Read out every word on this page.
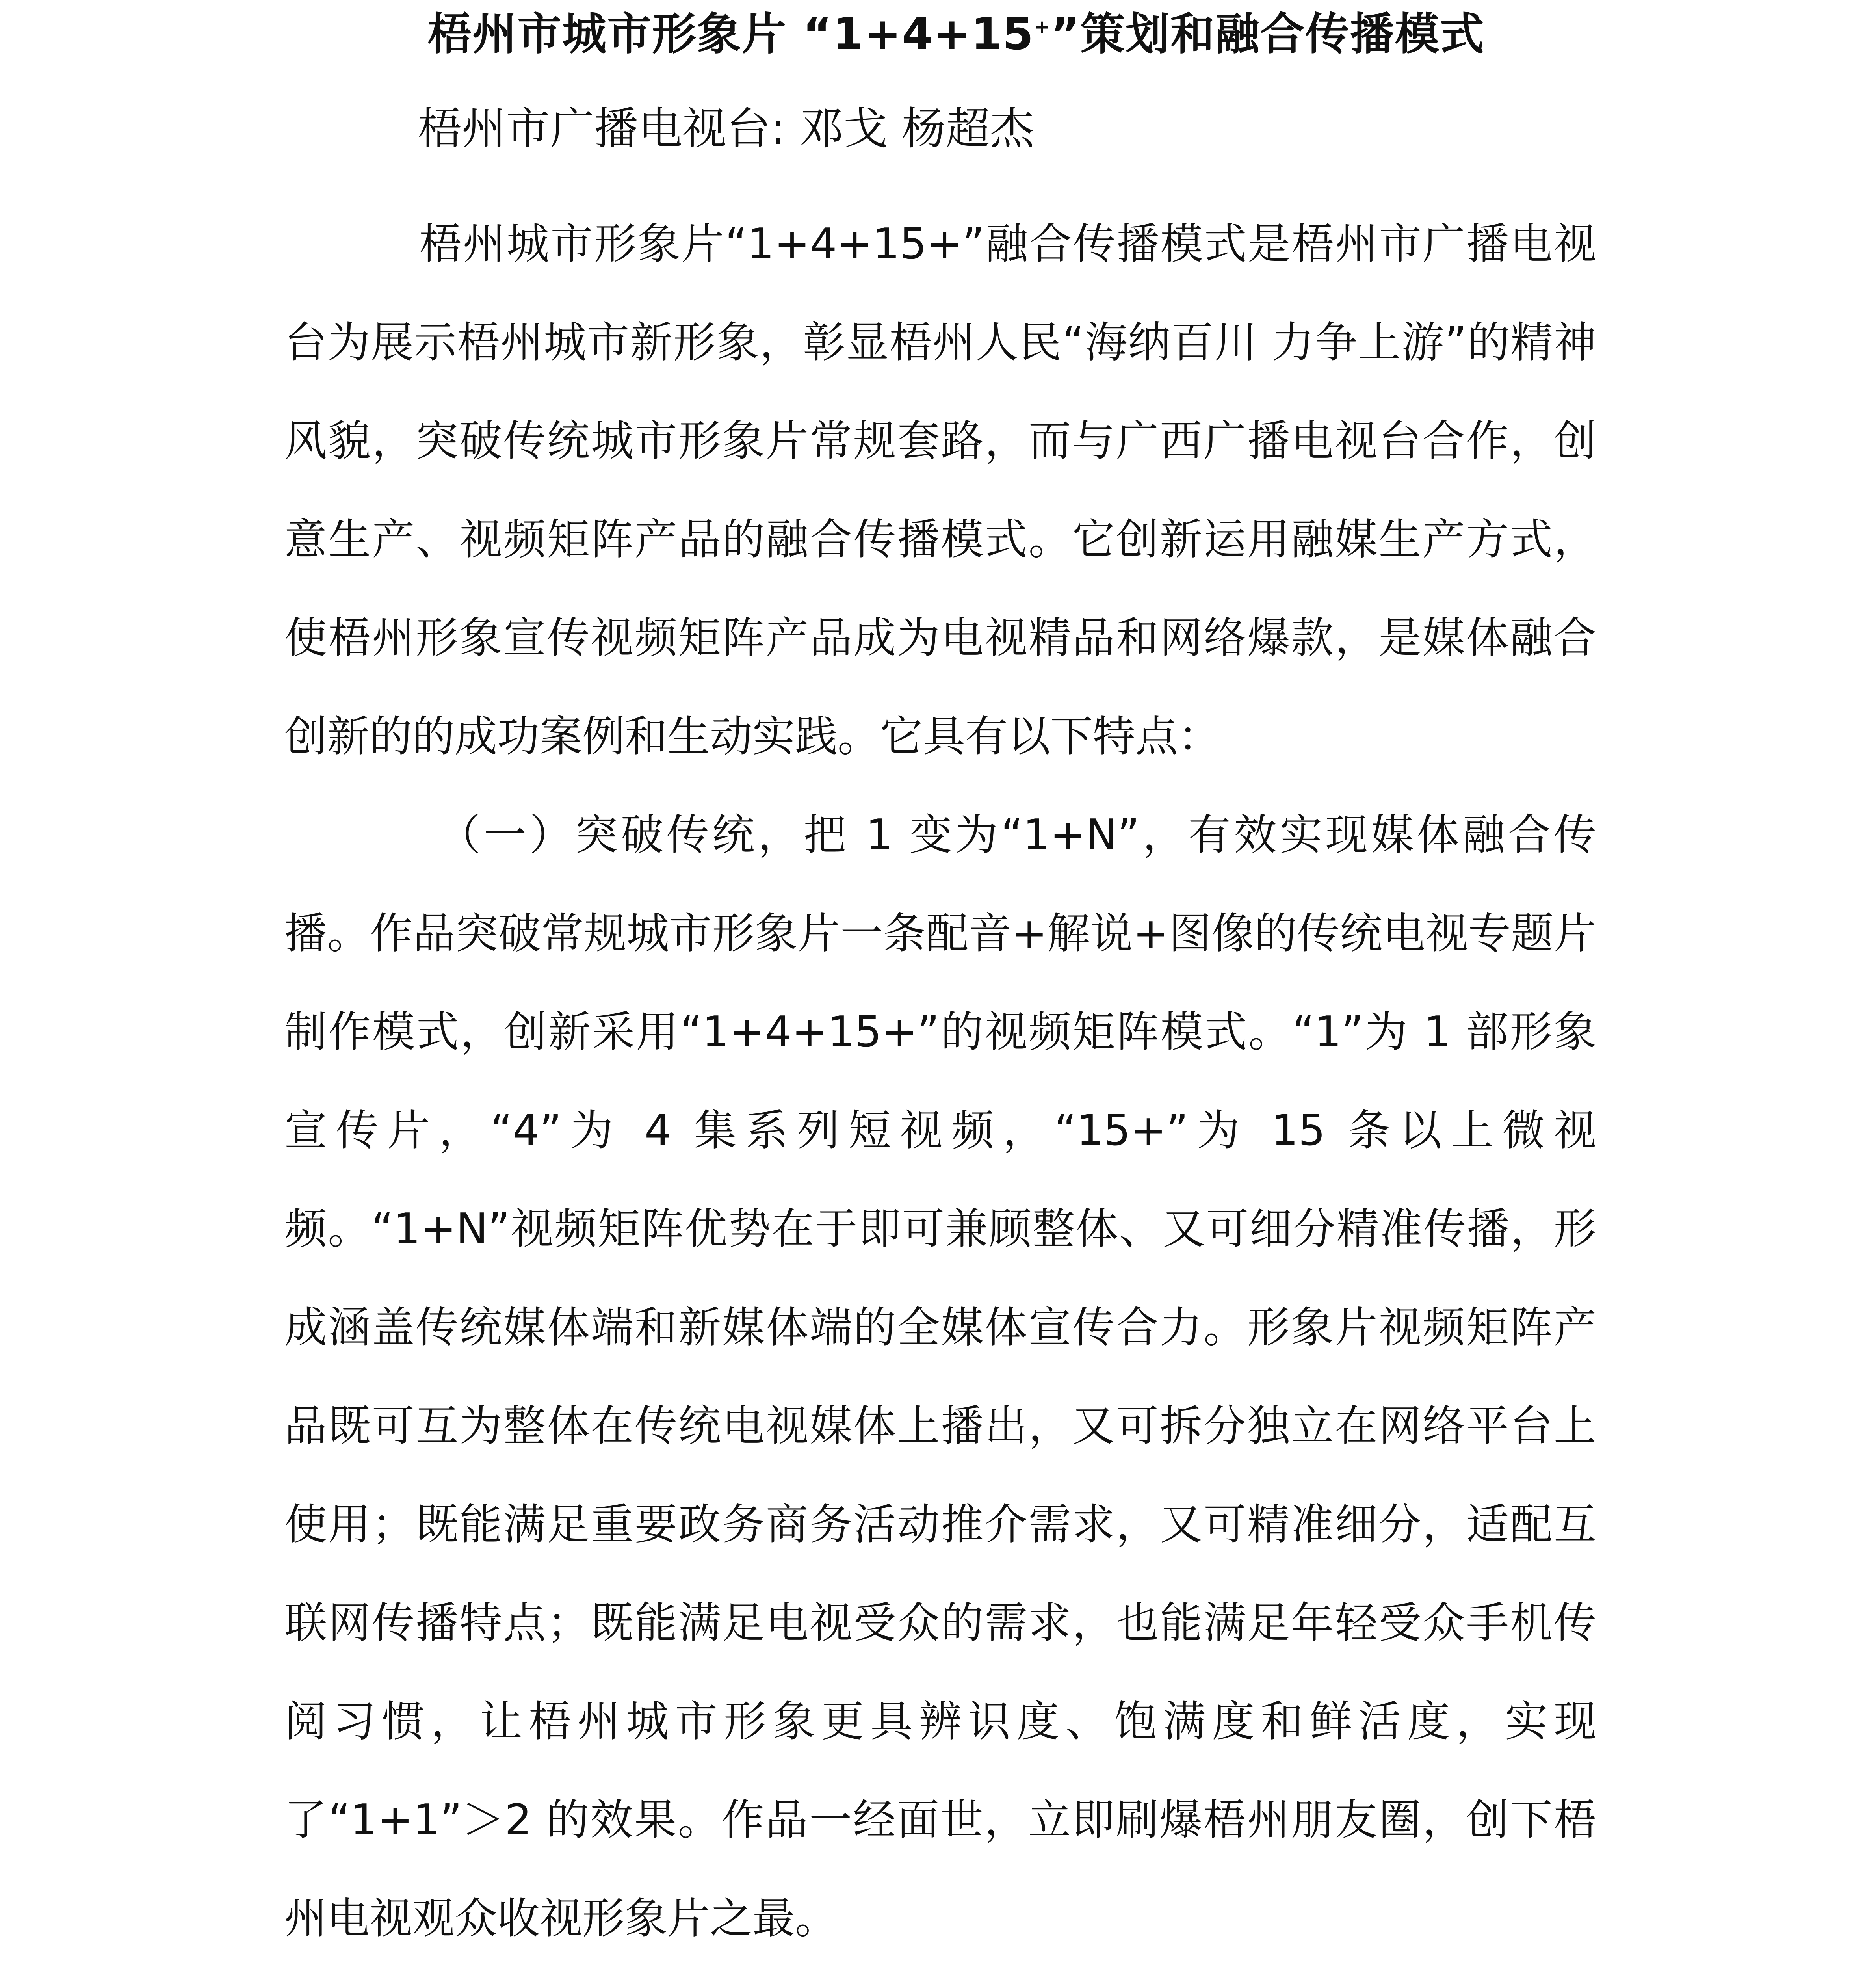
梧州市城市形象片 “1+4+15+”策划和融合传播模式
梧州市广播电视台: 邓戈 杨超杰

梧州城市形象片“1+4+15+”融合传播模式是梧州市广播电视台为展示梧州城市新形象，彰显梧州人民“海纳百川 力争上游”的精神风貌，突破传统城市形象片常规套路，而与广西广播电视台合作，创意生产、视频矩阵产品的融合传播模式。它创新运用融媒生产方式，使梧州形象宣传视频矩阵产品成为电视精品和网络爆款，是媒体融合创新的的成功案例和生动实践。它具有以下特点：

（一）突破传统，把 1 变为“1+N”，有效实现媒体融合传播。作品突破常规城市形象片一条配音+解说+图像的传统电视专题片制作模式，创新采用“1+4+15+”的视频矩阵模式。“1”为 1 部形象宣传片，“4”为 4 集系列短视频，“15+”为 15 条以上微视频。“1+N”视频矩阵优势在于即可兼顾整体、又可细分精准传播，形成涵盖传统媒体端和新媒体端的全媒体宣传合力。形象片视频矩阵产品既可互为整体在传统电视媒体上播出，又可拆分独立在网络平台上使用；既能满足重要政务商务活动推介需求，又可精准细分，适配互联网传播特点；既能满足电视受众的需求，也能满足年轻受众手机传阅习惯，让梧州城市形象更具辨识度、饱满度和鲜活度，实现了“1+1”＞2 的效果。作品一经面世，立即刷爆梧州朋友圈，创下梧州电视观众收视形象片之最。
